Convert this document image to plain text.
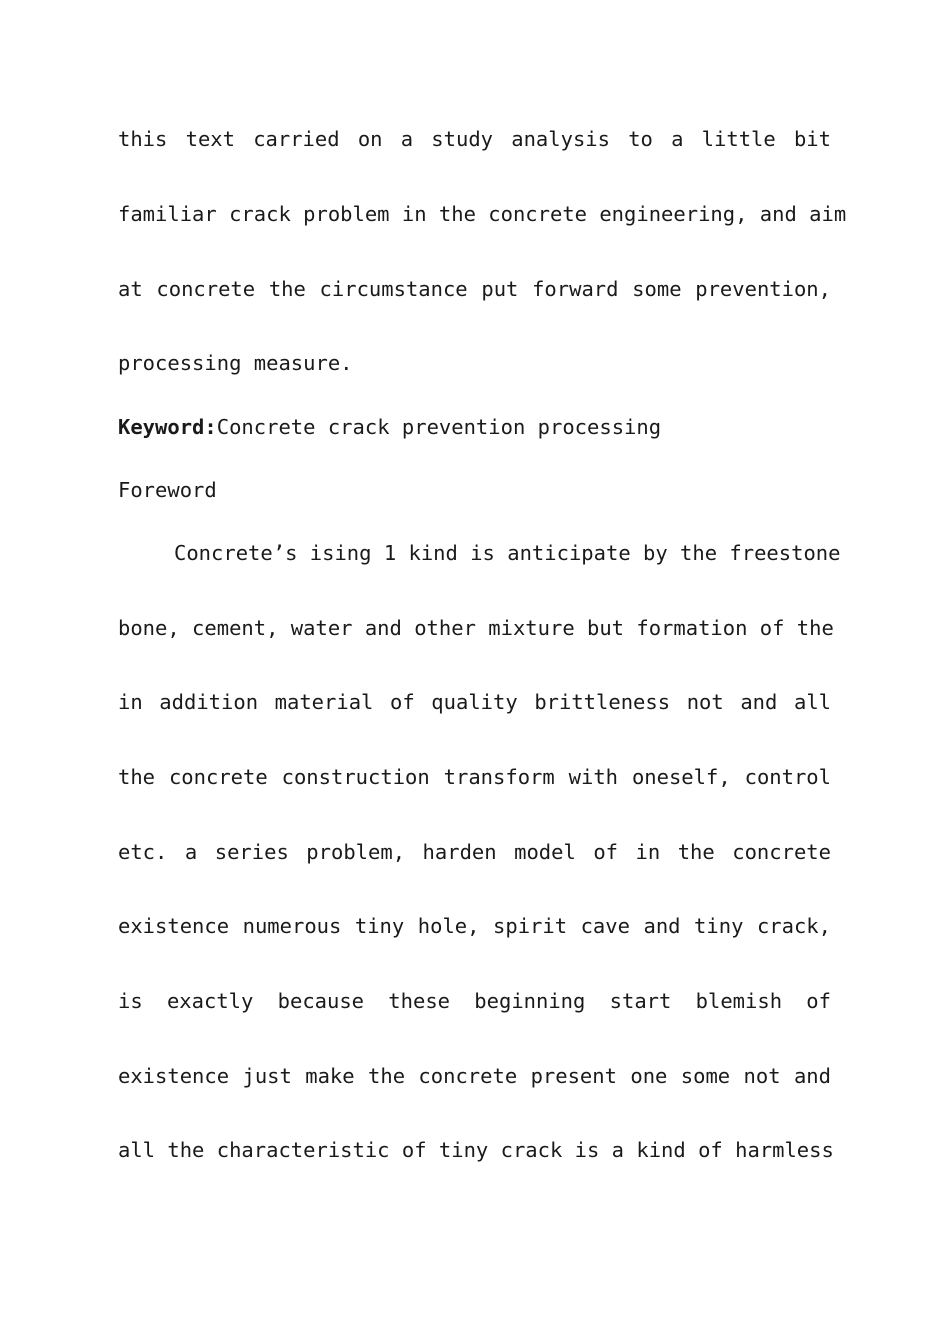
this text carried on a study analysis to a little bit
familiar crack problem in the concrete engineering, and aim
at concrete the circumstance put forward some prevention,
processing measure.
Keyword:Concrete crack prevention processing
Foreword
Concrete’s ising 1 kind is anticipate by the freestone
bone, cement, water and other mixture but formation of the
in addition material of quality brittleness not and all
the concrete construction transform with oneself, control
etc. a series problem, harden model of in the concrete
existence numerous tiny hole, spirit cave and tiny crack,
is exactly because these beginning start blemish of
existence just make the concrete present one some not and
all the characteristic of tiny crack is a kind of harmless
